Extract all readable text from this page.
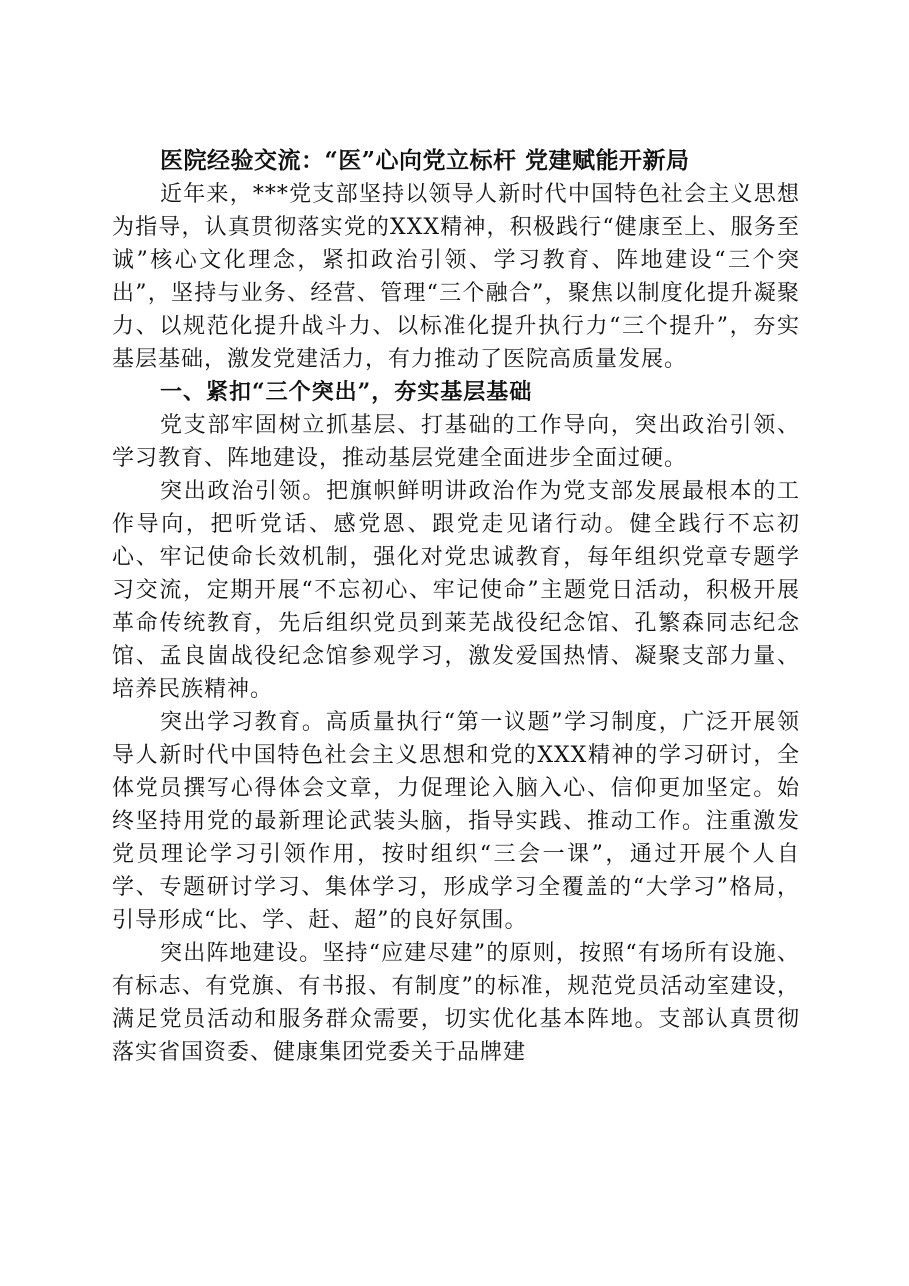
医院经验交流：“医”心向党立标杆 党建赋能开新局

近年来，***党支部坚持以领导人新时代中国特色社会主义思想为指导，认真贯彻落实党的XXX精神，积极践行“健康至上、服务至诚”核心文化理念，紧扣政治引领、学习教育、阵地建设“三个突出”，坚持与业务、经营、管理“三个融合”，聚焦以制度化提升凝聚力、以规范化提升战斗力、以标准化提升执行力“三个提升”，夯实基层基础，激发党建活力，有力推动了医院高质量发展。

一、紧扣“三个突出”，夯实基层基础

党支部牢固树立抓基层、打基础的工作导向，突出政治引领、学习教育、阵地建设，推动基层党建全面进步全面过硬。

突出政治引领。把旗帜鲜明讲政治作为党支部发展最根本的工作导向，把听党话、感党恩、跟党走见诸行动。健全践行不忘初心、牢记使命长效机制，强化对党忠诚教育，每年组织党章专题学习交流，定期开展“不忘初心、牢记使命”主题党日活动，积极开展革命传统教育，先后组织党员到莱芜战役纪念馆、孔繁森同志纪念馆、孟良崮战役纪念馆参观学习，激发爱国热情、凝聚支部力量、培养民族精神。

突出学习教育。高质量执行“第一议题”学习制度，广泛开展领导人新时代中国特色社会主义思想和党的XXX精神的学习研讨，全体党员撰写心得体会文章，力促理论入脑入心、信仰更加坚定。始终坚持用党的最新理论武装头脑，指导实践、推动工作。注重激发党员理论学习引领作用，按时组织“三会一课”，通过开展个人自学、专题研讨学习、集体学习，形成学习全覆盖的“大学习”格局，引导形成“比、学、赶、超”的良好氛围。

突出阵地建设。坚持“应建尽建”的原则，按照“有场所有设施、有标志、有党旗、有书报、有制度”的标准，规范党员活动室建设，满足党员活动和服务群众需要，切实优化基本阵地。支部认真贯彻落实省国资委、健康集团党委关于品牌建
